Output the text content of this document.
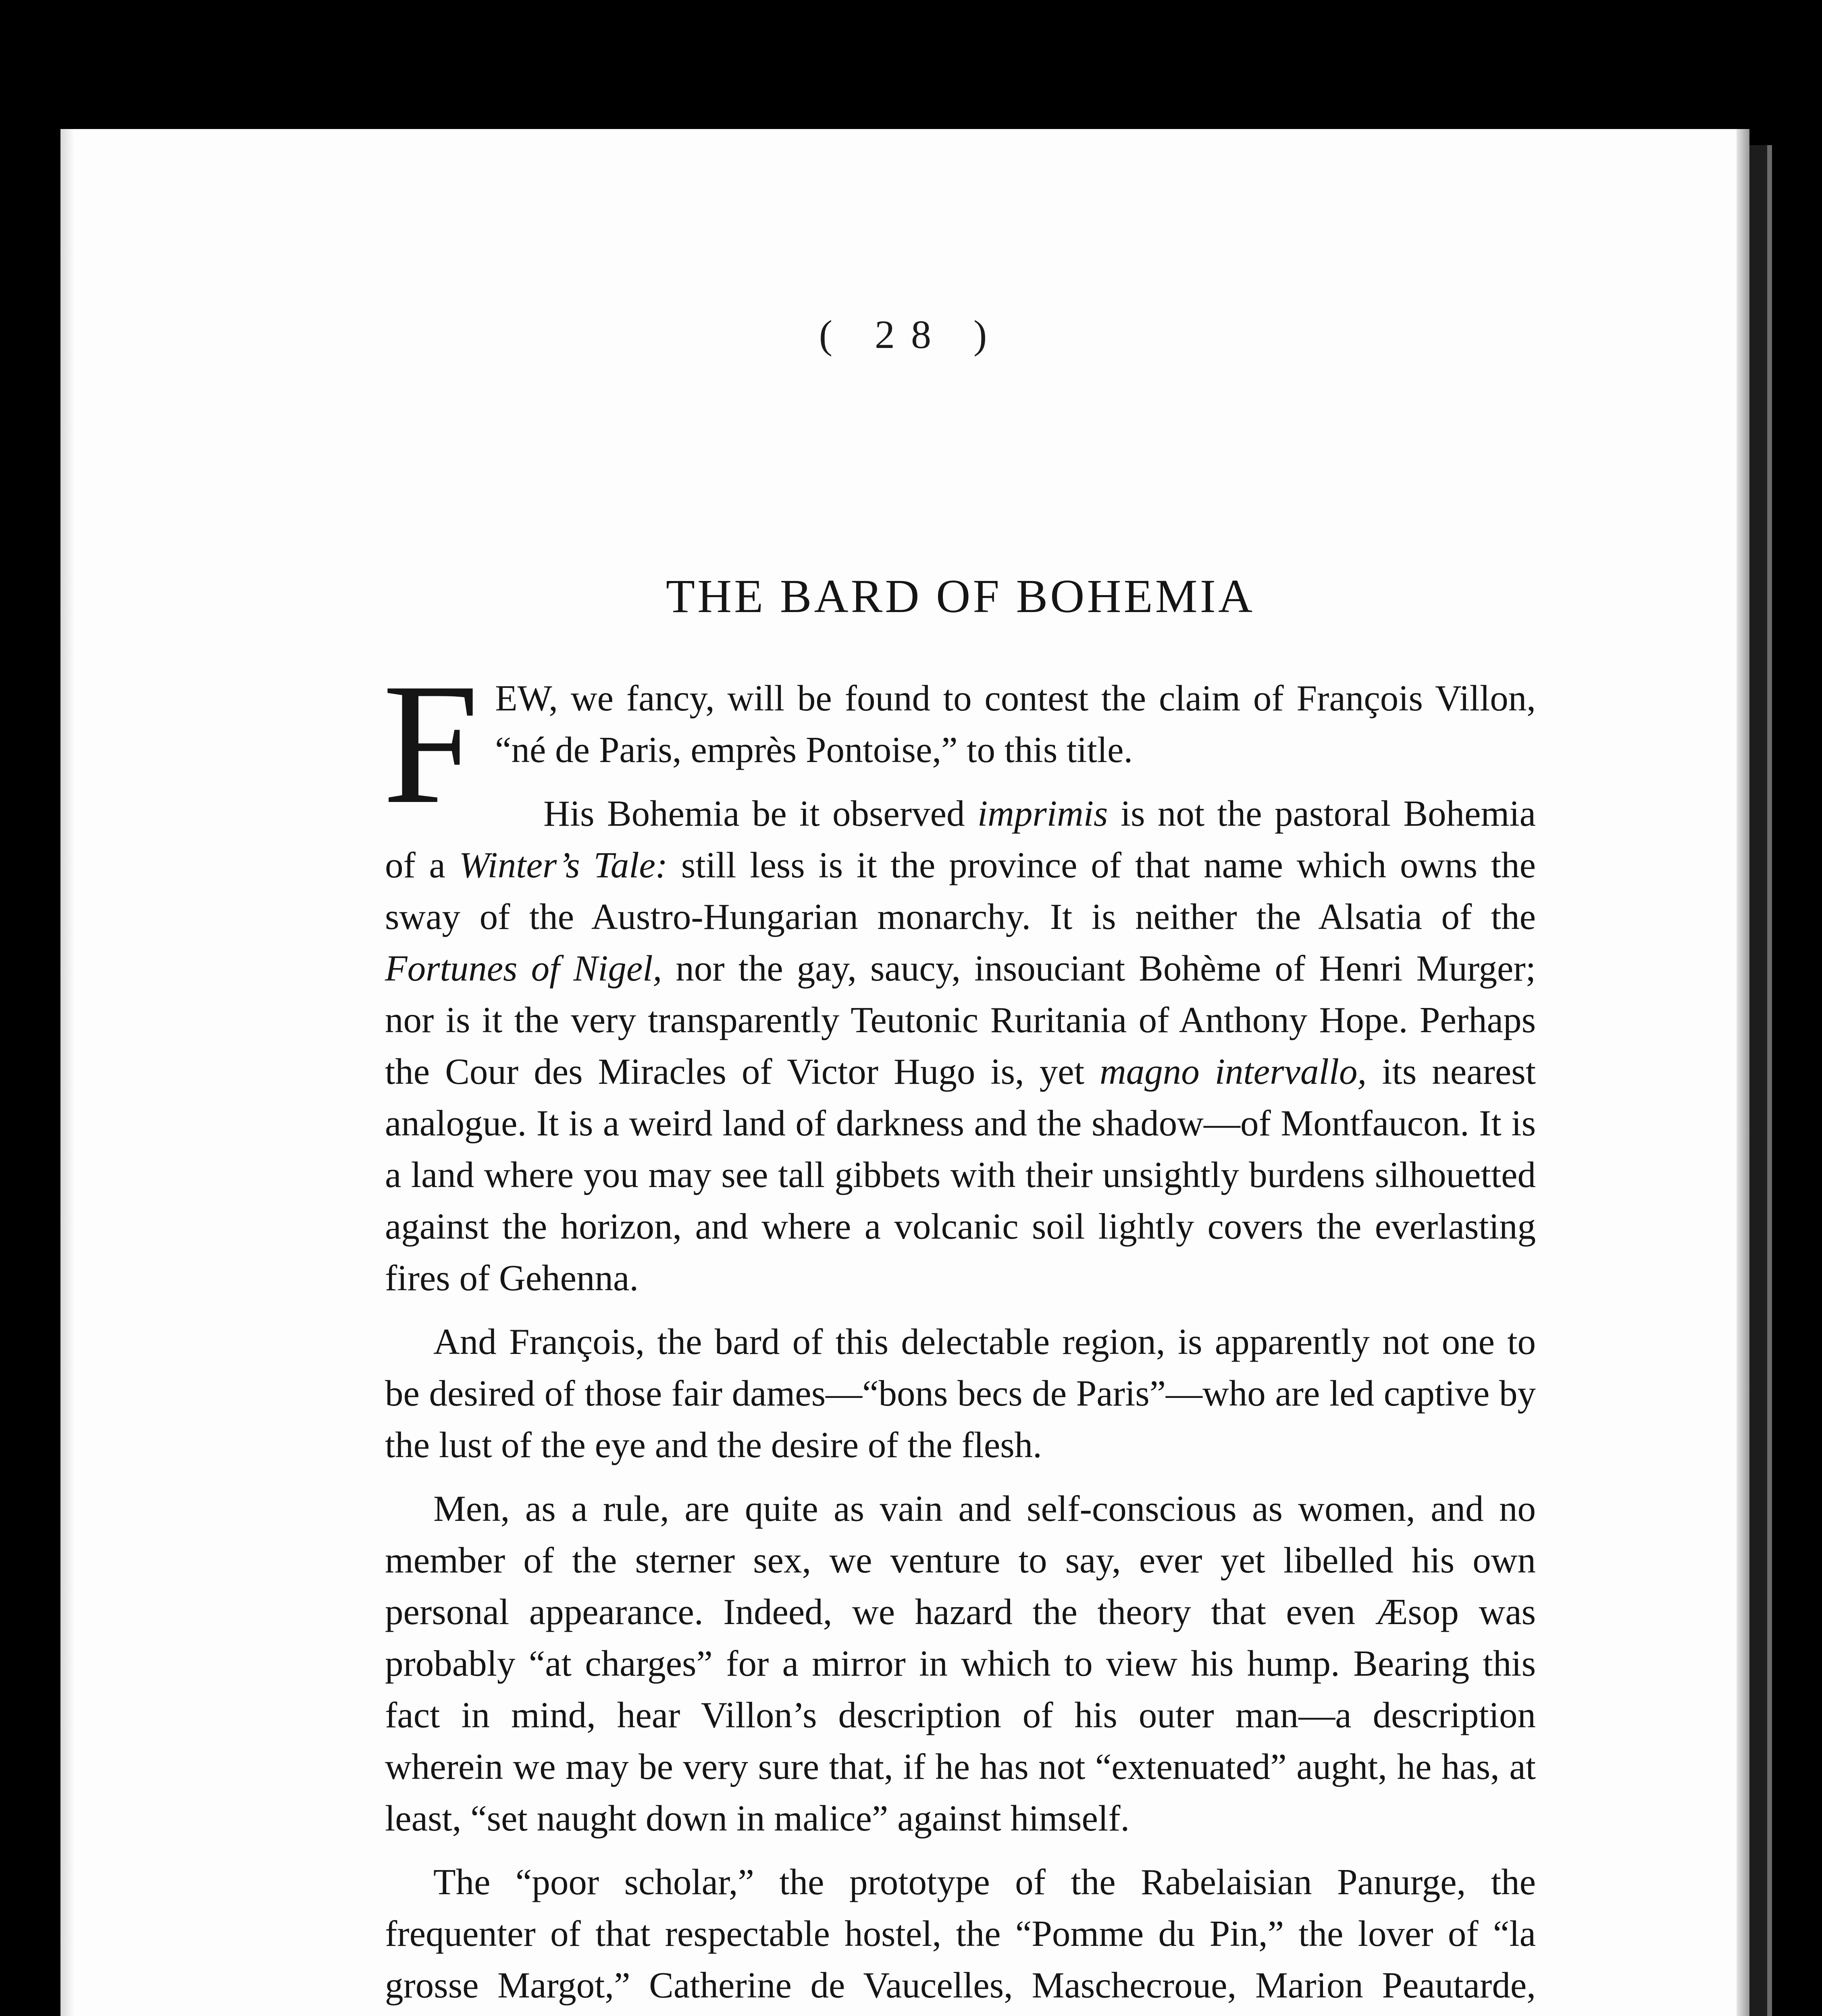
( 28 )
THE BARD OF BOHEMIA

FEW, we fancy, will be found to contest the claim of François Villon, “né de Paris, emprès Pontoise,” to this title.

His Bohemia be it observed imprimis is not the pastoral Bohemia of a Winter’s Tale: still less is it the province of that name which owns the sway of the Austro-Hungarian monarchy. It is neither the Alsatia of the Fortunes of Nigel, nor the gay, saucy, insouciant Bohème of Henri Murger; nor is it the very transparently Teutonic Ruritania of Anthony Hope. Perhaps the Cour des Miracles of Victor Hugo is, yet magno intervallo, its nearest analogue. It is a weird land of darkness and the shadow—of Montfaucon. It is a land where you may see tall gibbets with their unsightly burdens silhouetted against the horizon, and where a volcanic soil lightly covers the everlasting fires of Gehenna.

And François, the bard of this delectable region, is apparently not one to be desired of those fair dames—“bons becs de Paris”—who are led captive by the lust of the eye and the desire of the flesh.

Men, as a rule, are quite as vain and self-conscious as women, and no member of the sterner sex, we venture to say, ever yet libelled his own personal appearance. Indeed, we hazard the theory that even Æsop was probably “at charges” for a mirror in which to view his hump. Bearing this fact in mind, hear Villon’s description of his outer man—a description wherein we may be very sure that, if he has not “extenuated” aught, he has, at least, “set naught down in malice” against himself.

The “poor scholar,” the prototype of the Rabelaisian Panurge, the frequenter of that respectable hostel, the “Pomme du Pin,” the lover of “la grosse Margot,” Catherine de Vaucelles, Maschecroue, Marion Peautarde,
